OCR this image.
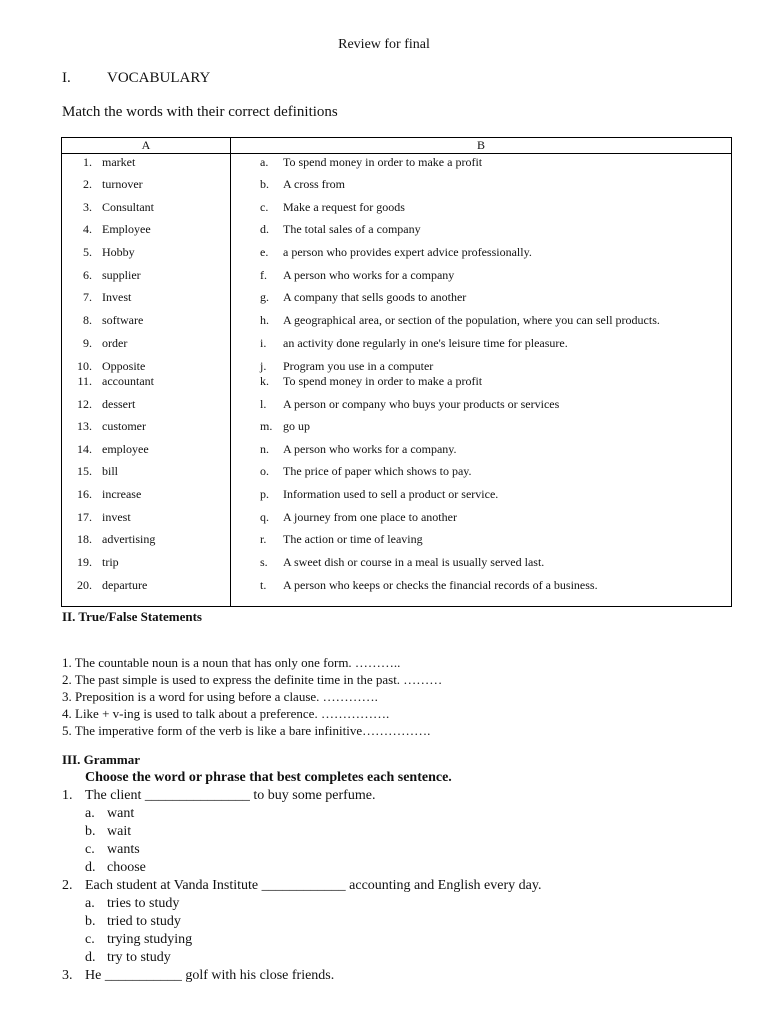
Review for final
I. VOCABULARY
Match the words with their correct definitions
A	B
1. market	a.	To spend money in order to make a profit
2. turnover	b.	A cross from
3. Consultant	c.	Make a request for goods
4. Employee	d.	The total sales of a company
5. Hobby	e.	a person who provides expert advice professionally.
6. supplier	f.	A person who works for a company
7. Invest	g.	A company that sells goods to another
8. software	h.	A geographical area, or section of the population, where you can sell products.
9. order	i.	an activity done regularly in one's leisure time for pleasure.
10. Opposite	j.	Program you use in a computer
11. accountant	k.	To spend money in order to make a profit
12. dessert	l.	A person or company who buys your products or services
13. customer	m. go up
14. employee	n.	A person who works for a company.
15. bill	o.	The price of paper which shows to pay.
16. increase	p.	Information used to sell a product or service.
17. invest	q.	A journey from one place to another
18. advertising	r.	The action or time of leaving
19. trip	s.	A sweet dish or course in a meal is usually served last.
20. departure	t.	A person who keeps or checks the financial records of a business.
II. True/False Statements
1. The countable noun is a noun that has only one form. ………..
2. The past simple is used to express the definite time in the past. ………
3. Preposition is a word for using before a clause. ………….
4. Like + v-ing is used to talk about a preference. …………….
5. The imperative form of the verb is like a bare infinitive…………….
III. Grammar
Choose the word or phrase that best completes each sentence.
1. The client _______________ to buy some perfume.
a. want
b. wait
c. wants
d. choose
2. Each student at Vanda Institute ____________ accounting and English every day.
a. tries to study
b. tried to study
c. trying studying
d. try to study
3. He ___________ golf with his close friends.
